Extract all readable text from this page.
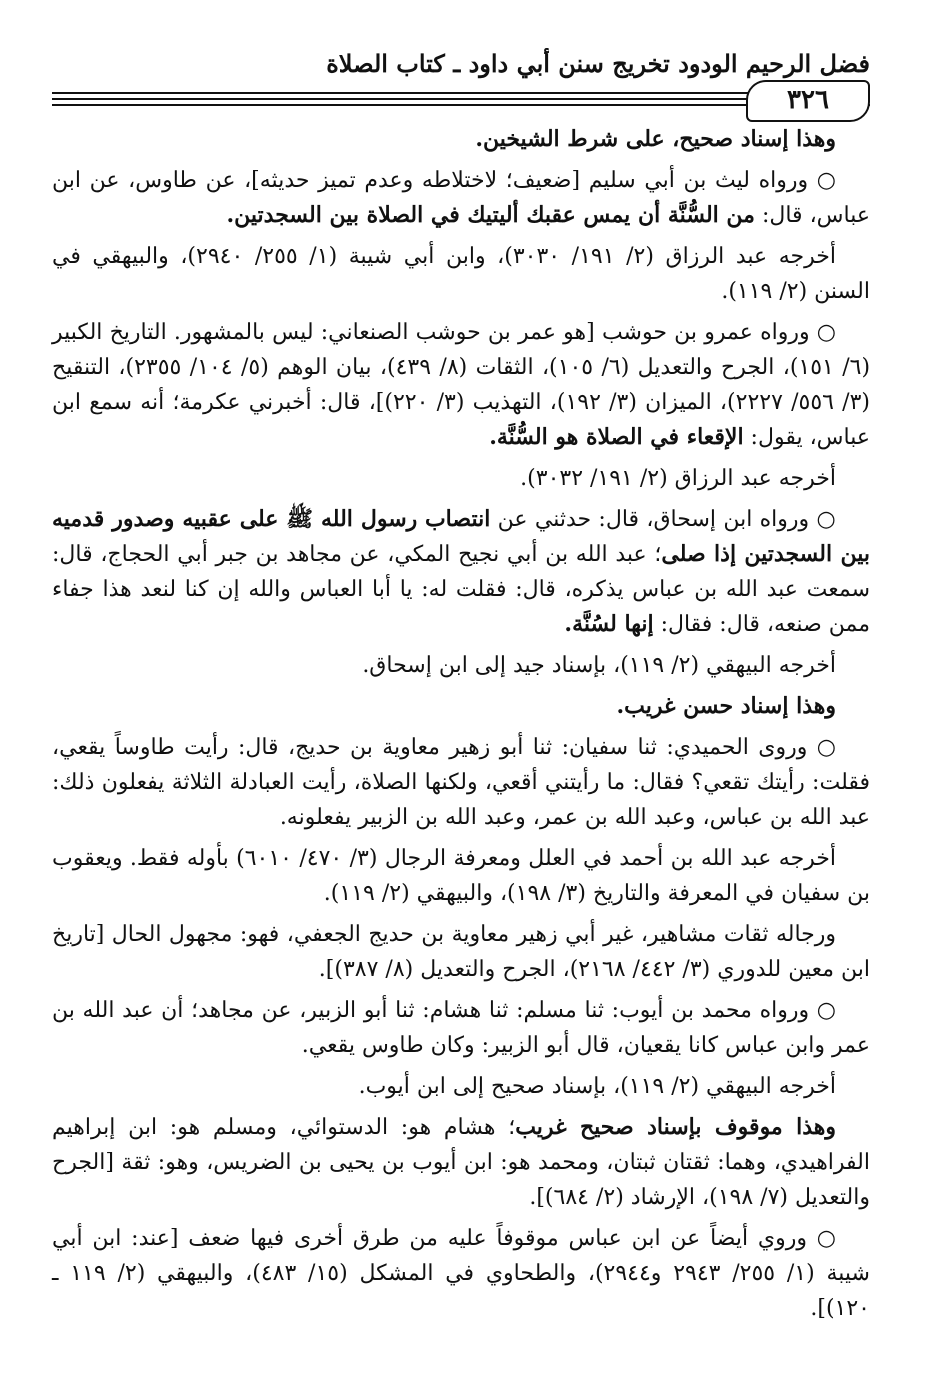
فضل الرحيم الودود تخريج سنن أبي داود ـ كتاب الصلاة
٣٢٦

وهذا إسناد صحيح، على شرط الشيخين.

○ ورواه ليث بن أبي سليم [ضعيف؛ لاختلاطه وعدم تميز حديثه]، عن طاوس، عن ابن عباس، قال: من السُّنَّة أن يمس عقبك أليتيك في الصلاة بين السجدتين.

أخرجه عبد الرزاق (٢/ ١٩١/ ٣٠٣٠)، وابن أبي شيبة (١/ ٢٥٥/ ٢٩٤٠)، والبيهقي في السنن (٢/ ١١٩).

○ ورواه عمرو بن حوشب [هو عمر بن حوشب الصنعاني: ليس بالمشهور. التاريخ الكبير (٦/ ١٥١)، الجرح والتعديل (٦/ ١٠٥)، الثقات (٨/ ٤٣٩)، بيان الوهم (٥/ ١٠٤/ ٢٣٥٥)، التنقيح (٣/ ٥٥٦/ ٢٢٢٧)، الميزان (٣/ ١٩٢)، التهذيب (٣/ ٢٢٠)]، قال: أخبرني عكرمة؛ أنه سمع ابن عباس، يقول: الإقعاء في الصلاة هو السُّنَّة.

أخرجه عبد الرزاق (٢/ ١٩١/ ٣٠٣٢).

○ ورواه ابن إسحاق، قال: حدثني عن انتصاب رسول الله ﷺ على عقبيه وصدور قدميه بين السجدتين إذا صلى؛ عبد الله بن أبي نجيح المكي، عن مجاهد بن جبر أبي الحجاج، قال: سمعت عبد الله بن عباس يذكره، قال: فقلت له: يا أبا العباس والله إن كنا لنعد هذا جفاء ممن صنعه، قال: فقال: إنها لسُنَّة.

أخرجه البيهقي (٢/ ١١٩)، بإسناد جيد إلى ابن إسحاق.

وهذا إسناد حسن غريب.

○ وروى الحميدي: ثنا سفيان: ثنا أبو زهير معاوية بن حديج، قال: رأيت طاوساً يقعي، فقلت: رأيتك تقعي؟ فقال: ما رأيتني أقعي، ولكنها الصلاة، رأيت العبادلة الثلاثة يفعلون ذلك: عبد الله بن عباس، وعبد الله بن عمر، وعبد الله بن الزبير يفعلونه.

أخرجه عبد الله بن أحمد في العلل ومعرفة الرجال (٣/ ٤٧٠/ ٦٠١٠) بأوله فقط. ويعقوب بن سفيان في المعرفة والتاريخ (٣/ ١٩٨)، والبيهقي (٢/ ١١٩).

ورجاله ثقات مشاهير، غير أبي زهير معاوية بن حديج الجعفي، فهو: مجهول الحال [تاريخ ابن معين للدوري (٣/ ٤٤٢/ ٢١٦٨)، الجرح والتعديل (٨/ ٣٨٧)].

○ ورواه محمد بن أيوب: ثنا مسلم: ثنا هشام: ثنا أبو الزبير، عن مجاهد؛ أن عبد الله بن عمر وابن عباس كانا يقعيان، قال أبو الزبير: وكان طاوس يقعي.

أخرجه البيهقي (٢/ ١١٩)، بإسناد صحيح إلى ابن أيوب.

وهذا موقوف بإسناد صحيح غريب؛ هشام هو: الدستوائي، ومسلم هو: ابن إبراهيم الفراهيدي، وهما: ثقتان ثبتان، ومحمد هو: ابن أيوب بن يحيى بن الضريس، وهو: ثقة [الجرح والتعديل (٧/ ١٩٨)، الإرشاد (٢/ ٦٨٤)].

○ وروي أيضاً عن ابن عباس موقوفاً عليه من طرق أخرى فيها ضعف [عند: ابن أبي شيبة (١/ ٢٥٥/ ٢٩٤٣ و٢٩٤٤)، والطحاوي في المشكل (١٥/ ٤٨٣)، والبيهقي (٢/ ١١٩ ـ ١٢٠)].
